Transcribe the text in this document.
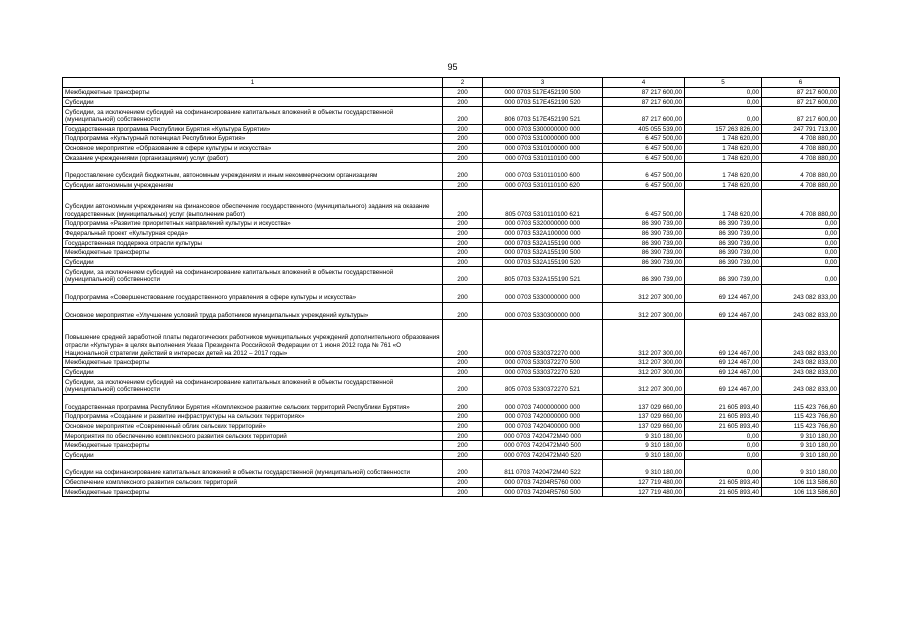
95
1	2	3	4	5	6
Межбюджетные трансферты	200	000 0703 517E452190 500	87 217 600,00	0,00	87 217 600,00
Субсидии	200	000 0703 517E452190 520	87 217 600,00	0,00	87 217 600,00
Субсидии, за исключением субсидий на софинансирование капитальных вложений в объекты государственной (муниципальной) собственности	200	806 0703 517E452190 521	87 217 600,00	0,00	87 217 600,00
Государственная программа Республики Бурятия «Культура Бурятии»	200	000 0703 5300000000 000	405 055 539,00	157 263 826,00	247 791 713,00
Подпрограмма «Культурный потенциал Республики Бурятия»	200	000 0703 5310000000 000	6 457 500,00	1 748 620,00	4 708 880,00
Основное мероприятие «Образование в сфере культуры и искусства»	200	000 0703 5310100000 000	6 457 500,00	1 748 620,00	4 708 880,00
Оказание учреждениями (организациями) услуг (работ)	200	000 0703 5310110100 000	6 457 500,00	1 748 620,00	4 708 880,00
Предоставление субсидий бюджетным, автономным учреждениям и иным некоммерческим организациям	200	000 0703 5310110100 600	6 457 500,00	1 748 620,00	4 708 880,00
Субсидии автономным учреждениям	200	000 0703 5310110100 620	6 457 500,00	1 748 620,00	4 708 880,00
Субсидии автономным учреждениям на финансовое обеспечение государственного (муниципального) задания на оказание государственных (муниципальных) услуг (выполнение работ)	200	805 0703 5310110100 621	6 457 500,00	1 748 620,00	4 708 880,00
Подпрограмма «Развитие приоритетных направлений культуры и искусства»	200	000 0703 5320000000 000	86 390 739,00	86 390 739,00	0,00
Федеральный проект «Культурная среда»	200	000 0703 532A100000 000	86 390 739,00	86 390 739,00	0,00
Государственная поддержка отрасли культуры	200	000 0703 532A155190 000	86 390 739,00	86 390 739,00	0,00
Межбюджетные трансферты	200	000 0703 532A155190 500	86 390 739,00	86 390 739,00	0,00
Субсидии	200	000 0703 532A155190 520	86 390 739,00	86 390 739,00	0,00
Субсидии, за исключением субсидий на софинансирование капитальных вложений в объекты государственной (муниципальной) собственности	200	805 0703 532A155190 521	86 390 739,00	86 390 739,00	0,00
Подпрограмма «Совершенствование государственного управления в сфере культуры и искусства»	200	000 0703 5330000000 000	312 207 300,00	69 124 467,00	243 082 833,00
Основное мероприятие «Улучшение условий труда работников муниципальных учреждений культуры»	200	000 0703 5330300000 000	312 207 300,00	69 124 467,00	243 082 833,00
Повышение средней заработной платы педагогических работников муниципальных учреждений дополнительного образования отрасли «Культура» в целях выполнения Указа Президента Российской Федерации от 1 июня 2012 года № 761 «О Национальной стратегии действий в интересах детей на 2012 – 2017 годы»	200	000 0703 5330372270 000	312 207 300,00	69 124 467,00	243 082 833,00
Межбюджетные трансферты	200	000 0703 5330372270 500	312 207 300,00	69 124 467,00	243 082 833,00
Субсидии	200	000 0703 5330372270 520	312 207 300,00	69 124 467,00	243 082 833,00
Субсидии, за исключением субсидий на софинансирование капитальных вложений в объекты государственной (муниципальной) собственности	200	805 0703 5330372270 521	312 207 300,00	69 124 467,00	243 082 833,00
Государственная программа Республики Бурятия «Комплексное развитие сельских территорий Республики Бурятия»	200	000 0703 7400000000 000	137 029 660,00	21 605 893,40	115 423 766,60
Подпрограмма «Создание и развитие инфраструктуры на сельских территориях»	200	000 0703 7420000000 000	137 029 660,00	21 605 893,40	115 423 766,60
Основное мероприятие «Современный облик сельских территорий»	200	000 0703 7420400000 000	137 029 660,00	21 605 893,40	115 423 766,60
Мероприятия по обеспечению комплексного развития сельских территорий	200	000 0703 7420472М40 000	9 310 180,00	0,00	9 310 180,00
Межбюджетные трансферты	200	000 0703 7420472М40 500	9 310 180,00	0,00	9 310 180,00
Субсидии	200	000 0703 7420472М40 520	9 310 180,00	0,00	9 310 180,00
Субсидии на софинансирование капитальных вложений в объекты государственной (муниципальной) собственности	200	811 0703 7420472М40 522	9 310 180,00	0,00	9 310 180,00
Обеспечение комплексного развития сельских территорий	200	000 0703 74204R5760 000	127 719 480,00	21 605 893,40	106 113 586,60
Межбюджетные трансферты	200	000 0703 74204R5760 500	127 719 480,00	21 605 893,40	106 113 586,60
